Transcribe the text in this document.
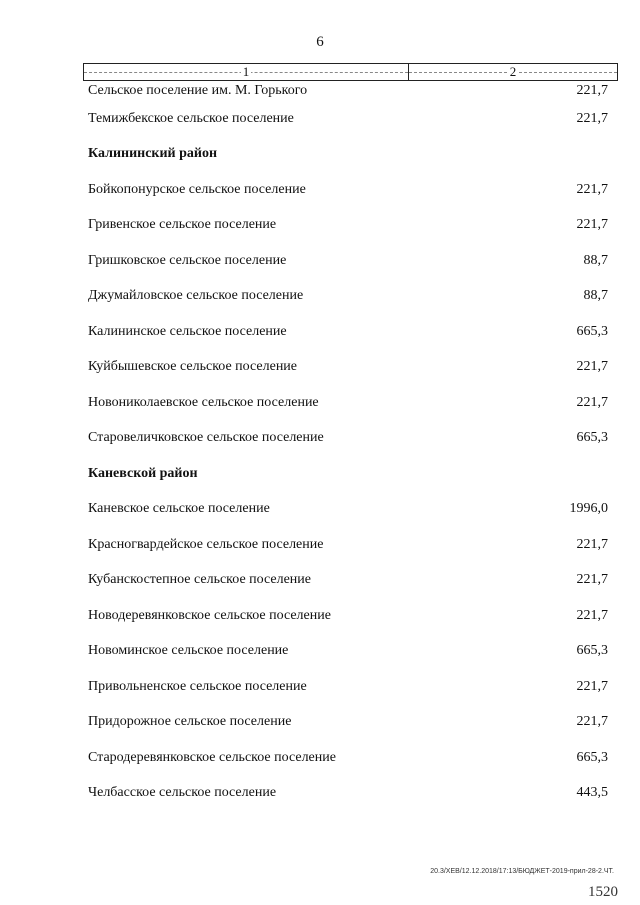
6
1	2
Сельское поселение им. М. Горького	221,7
Темижбекское сельское поселение	221,7
Калининский район
Бойкопонурское сельское поселение	221,7
Гривенское сельское поселение	221,7
Гришковское сельское поселение	88,7
Джумайловское сельское поселение	88,7
Калининское сельское поселение	665,3
Куйбышевское сельское поселение	221,7
Новониколаевское сельское поселение	221,7
Старовеличковское сельское поселение	665,3
Каневской район
Каневское сельское поселение	1996,0
Красногвардейское сельское поселение	221,7
Кубанскостепное сельское поселение	221,7
Новодеревянковское сельское поселение	221,7
Новоминское сельское поселение	665,3
Привольненское сельское поселение	221,7
Придорожное сельское поселение	221,7
Стародеревянковское сельское поселение	665,3
Челбасское сельское поселение	443,5
20.3/ХЕВ/12.12.2018/17:13/БЮДЖЕТ-2019-прил-28-2.ЧТ.
1520
